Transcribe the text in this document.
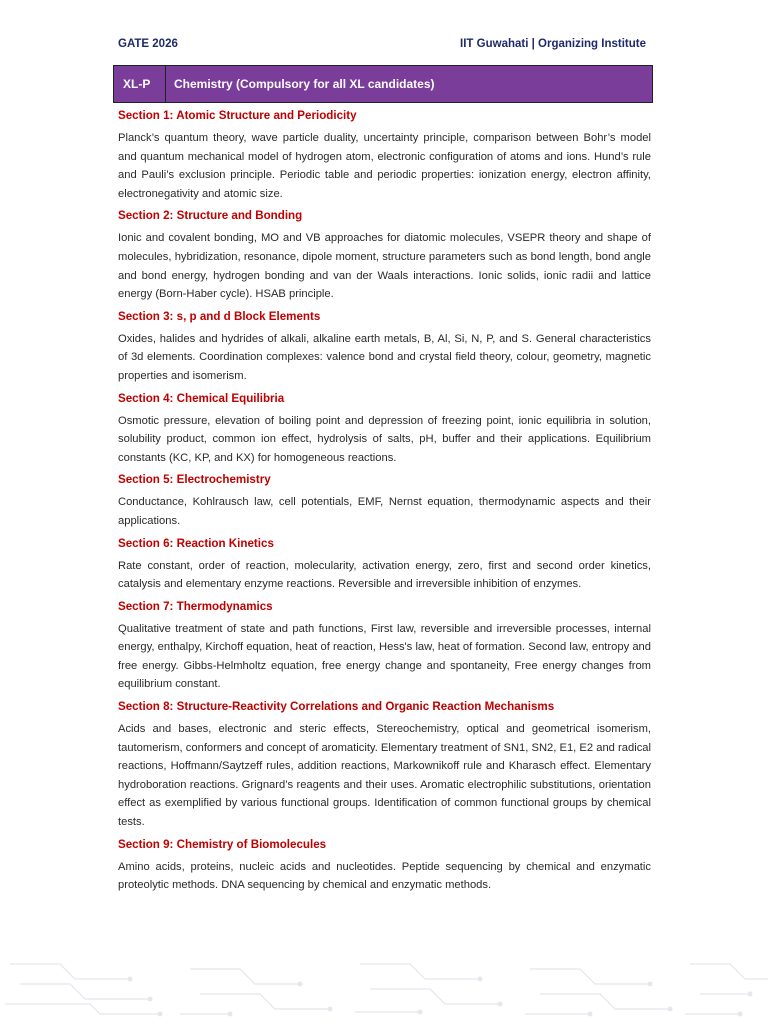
GATE 2026	IIT Guwahati | Organizing Institute
XL-P	Chemistry (Compulsory for all XL candidates)
Section 1: Atomic Structure and Periodicity

Planck’s quantum theory, wave particle duality, uncertainty principle, comparison between Bohr’s model and quantum mechanical model of hydrogen atom, electronic configuration of atoms and ions. Hund’s rule and Pauli’s exclusion principle. Periodic table and periodic properties: ionization energy, electron affinity, electronegativity and atomic size.

Section 2: Structure and Bonding

Ionic and covalent bonding, MO and VB approaches for diatomic molecules, VSEPR theory and shape of molecules, hybridization, resonance, dipole moment, structure parameters such as bond length, bond angle and bond energy, hydrogen bonding and van der Waals interactions. Ionic solids, ionic radii and lattice energy (Born‑Haber cycle). HSAB principle.

Section 3: s, p and d Block Elements

Oxides, halides and hydrides of alkali, alkaline earth metals, B, Al, Si, N, P, and S. General characteristics of 3d elements. Coordination complexes: valence bond and crystal field theory, colour, geometry, magnetic properties and isomerism.

Section 4: Chemical Equilibria

Osmotic pressure, elevation of boiling point and depression of freezing point, ionic equilibria in solution, solubility product, common ion effect, hydrolysis of salts, pH, buffer and their applications. Equilibrium constants (KC, KP, and KX) for homogeneous reactions.

Section 5: Electrochemistry

Conductance, Kohlrausch law, cell potentials, EMF, Nernst equation, thermodynamic aspects and their applications.

Section 6: Reaction Kinetics

Rate constant, order of reaction, molecularity, activation energy, zero, first and second order kinetics, catalysis and elementary enzyme reactions. Reversible and irreversible inhibition of enzymes.

Section 7: Thermodynamics

Qualitative treatment of state and path functions, First law, reversible and irreversible processes, internal energy, enthalpy, Kirchoff equation, heat of reaction, Hess's law, heat of formation. Second law, entropy and free energy. Gibbs‑Helmholtz equation, free energy change and spontaneity, Free energy changes from equilibrium constant.

Section 8: Structure-Reactivity Correlations and Organic Reaction Mechanisms

Acids and bases, electronic and steric effects, Stereochemistry, optical and geometrical isomerism, tautomerism, conformers and concept of aromaticity. Elementary treatment of SN1, SN2, E1, E2 and radical reactions, Hoffmann/Saytzeff rules, addition reactions, Markownikoff rule and Kharasch effect. Elementary hydroboration reactions. Grignard’s reagents and their uses. Aromatic electrophilic substitutions, orientation effect as exemplified by various functional groups. Identification of common functional groups by chemical tests.

Section 9: Chemistry of Biomolecules

Amino acids, proteins, nucleic acids and nucleotides. Peptide sequencing by chemical and enzymatic proteolytic methods. DNA sequencing by chemical and enzymatic methods.
